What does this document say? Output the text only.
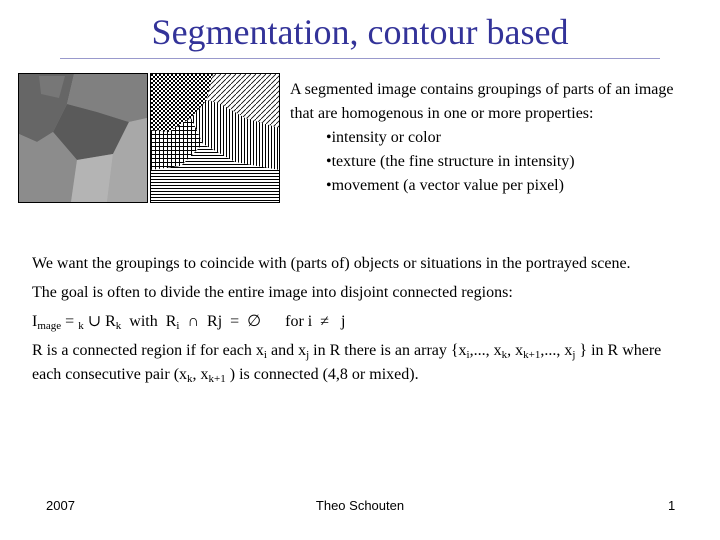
Segmentation, contour based
A segmented image contains groupings of parts of an image that are homogenous in one or more properties:
•intensity or color
•texture (the fine structure in intensity)
•movement (a vector value per pixel)

We want the groupings to coincide with (parts of) objects or situations in the portrayed scene.

The goal is often to divide the entire image into disjoint connected regions:

$I_{mage} = _k$ ∪ $R_k$  with  $R_i$  ∩  Rj  =  ∅      for i  ≠   j

R is a connected region if for each $x_i$ and $x_j$ in R there is an array {$x_i$,..., $x_k$, $x_{k+1}$,..., $x_j$ } in R where each consecutive pair ($x_k$, $x_{k+1}$ ) is connected (4,8 or mixed).

2007	Theo Schouten	1
